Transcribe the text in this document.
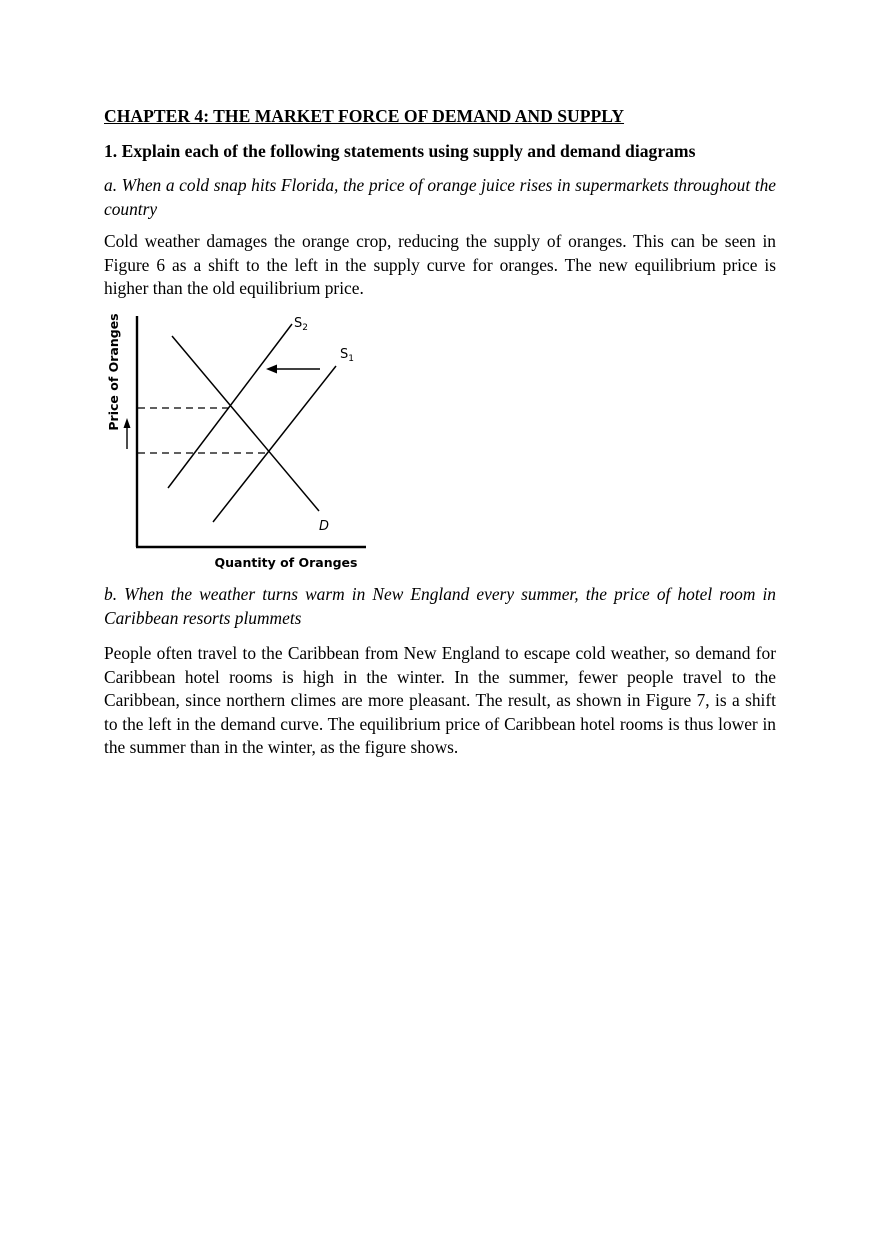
CHAPTER 4: THE MARKET FORCE OF DEMAND AND SUPPLY

1. Explain each of the following statements using supply and demand diagrams

a. When a cold snap hits Florida, the price of orange juice rises in supermarkets throughout the country

Cold weather damages the orange crop, reducing the supply of oranges. This can be seen in Figure 6 as a shift to the left in the supply curve for oranges. The new equilibrium price is higher than the old equilibrium price.

Price of Oranges
Quantity of Oranges
$S_2$
$S_1$
D

b. When the weather turns warm in New England every summer, the price of hotel room in Caribbean resorts plummets

People often travel to the Caribbean from New England to escape cold weather, so demand for Caribbean hotel rooms is high in the winter. In the summer, fewer people travel to the Caribbean, since northern climes are more pleasant. The result, as shown in Figure 7, is a shift to the left in the demand curve. The equilibrium price of Caribbean hotel rooms is thus lower in the summer than in the winter, as the figure shows.
